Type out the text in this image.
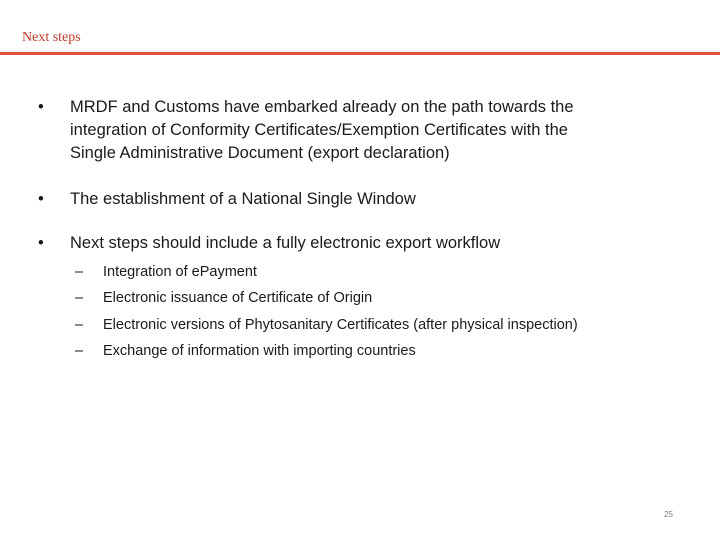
Next steps
•	MRDF and Customs have embarked already on the path towards the
integration of Conformity Certificates/Exemption Certificates with the
Single Administrative Document (export declaration)
•	The establishment of a National Single Window
•	Next steps should include a fully electronic export workflow
– Integration of ePayment
– Electronic issuance of Certificate of Origin
– Electronic versions of Phytosanitary Certificates (after physical inspection)
– Exchange of information with importing countries
25
